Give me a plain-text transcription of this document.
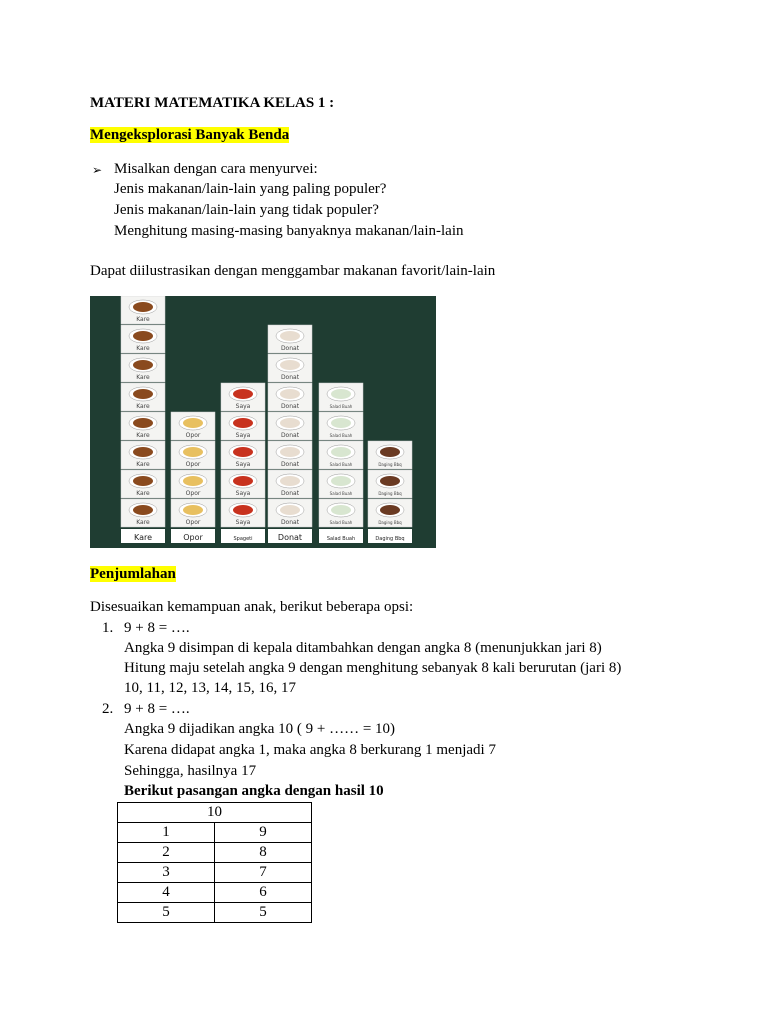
MATERI MATEMATIKA KELAS 1 :
Mengeksplorasi Banyak Benda
➢ Misalkan dengan cara menyurvei:
Jenis makanan/lain-lain yang paling populer?
Jenis makanan/lain-lain yang tidak populer?
Menghitung masing-masing banyaknya makanan/lain-lain
Dapat diilustrasikan dengan menggambar makanan favorit/lain-lain
Kare
Kare
Kare
Kare
Kare
Kare
Kare
Kare
Kare
Opor
Opor
Opor
Opor
Opor
Spageti
Saya
Saya
Saya
Saya
Saya
Donat
Donat
Donat
Donat
Donat
Donat
Donat
Donat
Salad Buah
Salad Buah
Salad Buah
Salad Buah
Salad Buah
Salad Buah
Daging Bbq
Daging Bbq
Daging Bbq
Daging Bbq
Penjumlahan
Disesuaikan kemampuan anak, berikut beberapa opsi:
1. 9 + 8 = ….
Angka 9 disimpan di kepala ditambahkan dengan angka 8 (menunjukkan jari 8)
Hitung maju setelah angka 9 dengan menghitung sebanyak 8 kali berurutan (jari 8)
10, 11, 12, 13, 14, 15, 16, 17
2. 9 + 8 = ….
Angka 9 dijadikan angka 10 ( 9 + …… = 10)
Karena didapat angka 1, maka angka 8 berkurang 1 menjadi 7
Sehingga, hasilnya 17
Berikut pasangan angka dengan hasil 10
10	
1	9
2	8
3	7
4	6
5	5
